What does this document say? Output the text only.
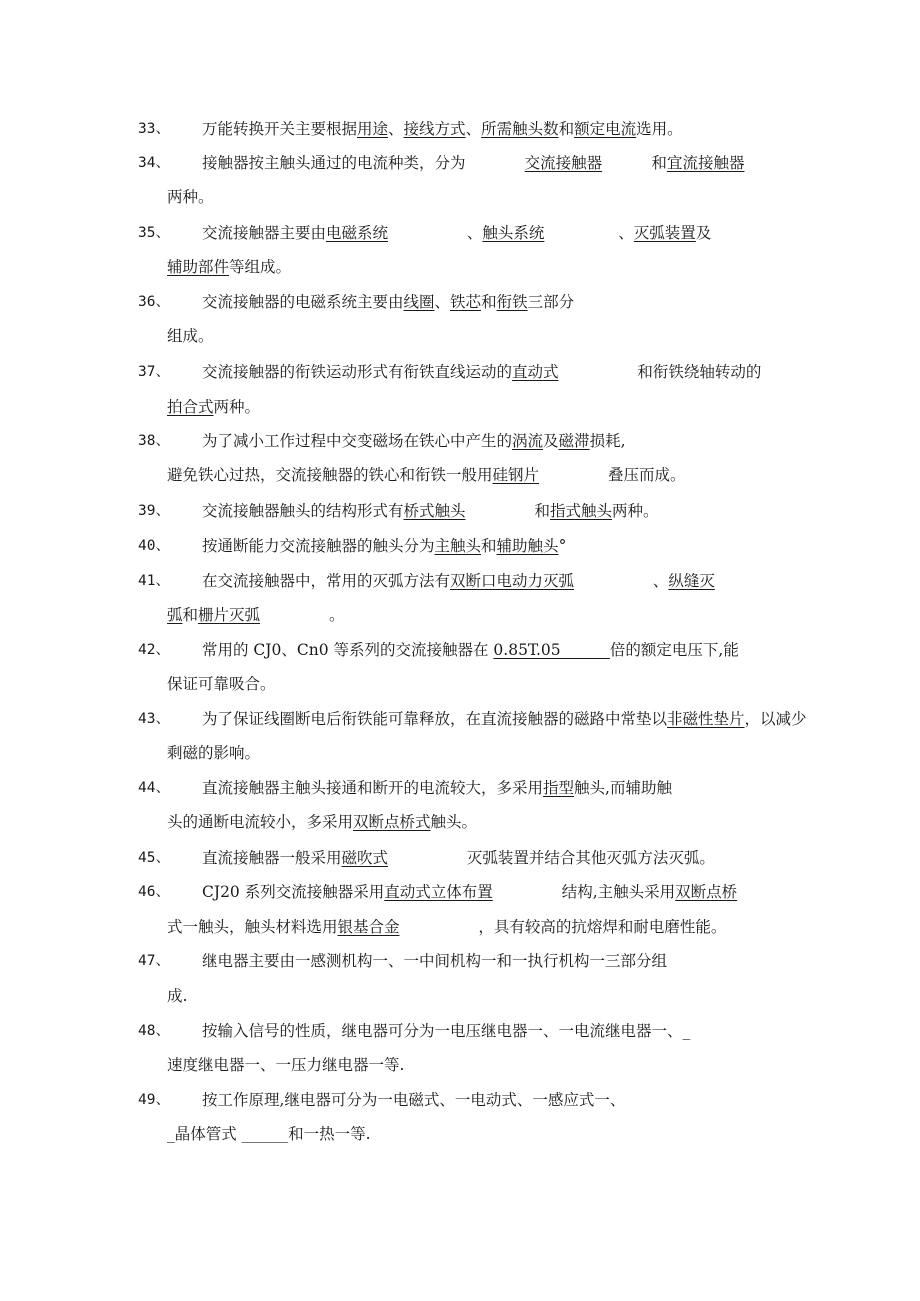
33、 万能转换开关主要根据用途、接线方式、所需触头数和额定电流选用。
34、 接触器按主触头通过的电流种类，分为            交流接触器          和宜流接触器
两种。
35、 交流接触器主要由电磁系统                、触头系统               、灭弧装置及
辅助部件等组成。
36、 交流接触器的电磁系统主要由线圈、铁芯和衔铁三部分
组成。
37、 交流接触器的衔铁运动形式有衔铁直线运动的直动式                和衔铁绕轴转动的
拍合式两种。
38、 为了减小工作过程中交变磁场在铁心中产生的涡流及磁滞损耗,
避免铁心过热，交流接触器的铁心和衔铁一般用硅钢片              叠压而成。
39、 交流接触器触头的结构形式有桥式触头              和指式触头两种。
40、 按通断能力交流接触器的触头分为主触头和辅助触头°
41、 在交流接触器中，常用的灭弧方法有双断口电动力灭弧                、纵缝灭
弧和栅片灭弧              。
42、 常用的 CJ0、Cn0 等系列的交流接触器在 0.85T.05          倍的额定电压下,能
保证可靠吸合。
43、 为了保证线圈断电后衔铁能可靠释放，在直流接触器的磁路中常垫以非磁性垫片，以减少
剩磁的影响。
44、 直流接触器主触头接通和断开的电流较大，多采用指型触头,而辅助触
头的通断电流较小，多采用双断点桥式触头。
45、 直流接触器一般采用磁吹式                灭弧装置并结合其他灭弧方法灭弧。
46、 CJ20 系列交流接触器采用直动式立体布置              结构,主触头采用双断点桥
式一触头，触头材料选用银基合金                ，具有较高的抗熔焊和耐电磨性能。
47、 继电器主要由一感测机构一、一中间机构一和一执行机构一三部分组
成.
48、 按输入信号的性质，继电器可分为一电压继电器一、一电流继电器一、_
速度继电器一、一压力继电器一等.
49、 按工作原理,继电器可分为一电磁式、一电动式、一感应式一、
_晶体管式 ______和一热一等.
